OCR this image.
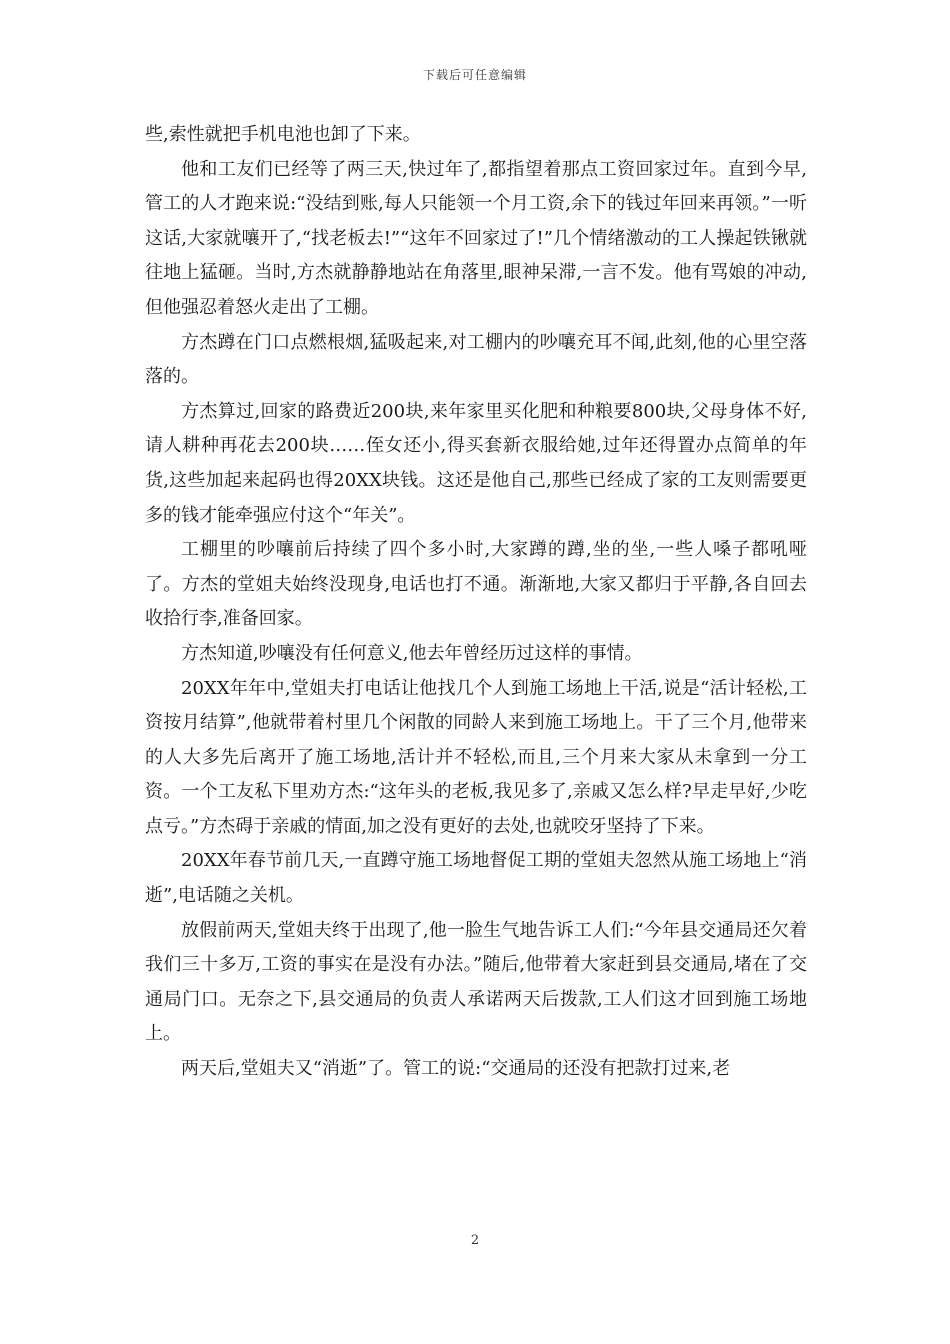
下载后可任意编辑

些,索性就把手机电池也卸了下来。

他和工友们已经等了两三天,快过年了,都指望着那点工资回家过年。直到今早,管工的人才跑来说:“没结到账,每人只能领一个月工资,余下的钱过年回来再领。”一听这话,大家就嚷开了,“找老板去!”“这年不回家过了!”几个情绪激动的工人操起铁锹就往地上猛砸。当时,方杰就静静地站在角落里,眼神呆滞,一言不发。他有骂娘的冲动,但他强忍着怒火走出了工棚。

方杰蹲在门口点燃根烟,猛吸起来,对工棚内的吵嚷充耳不闻,此刻,他的心里空落落的。

方杰算过,回家的路费近200块,来年家里买化肥和种粮要800块,父母身体不好,请人耕种再花去200块……侄女还小,得买套新衣服给她,过年还得置办点简单的年货,这些加起来起码也得20XX块钱。这还是他自己,那些已经成了家的工友则需要更多的钱才能牵强应付这个“年关”。

工棚里的吵嚷前后持续了四个多小时,大家蹲的蹲,坐的坐,一些人嗓子都吼哑了。方杰的堂姐夫始终没现身,电话也打不通。渐渐地,大家又都归于平静,各自回去收拾行李,准备回家。

方杰知道,吵嚷没有任何意义,他去年曾经历过这样的事情。

20XX年年中,堂姐夫打电话让他找几个人到施工场地上干活,说是“活计轻松,工资按月结算”,他就带着村里几个闲散的同龄人来到施工场地上。干了三个月,他带来的人大多先后离开了施工场地,活计并不轻松,而且,三个月来大家从未拿到一分工资。一个工友私下里劝方杰:“这年头的老板,我见多了,亲戚又怎么样?早走早好,少吃点亏。”方杰碍于亲戚的情面,加之没有更好的去处,也就咬牙坚持了下来。

20XX年春节前几天,一直蹲守施工场地督促工期的堂姐夫忽然从施工场地上“消逝”,电话随之关机。

放假前两天,堂姐夫终于出现了,他一脸生气地告诉工人们:“今年县交通局还欠着我们三十多万,工资的事实在是没有办法。”随后,他带着大家赶到县交通局,堵在了交通局门口。无奈之下,县交通局的负责人承诺两天后拨款,工人们这才回到施工场地上。

两天后,堂姐夫又“消逝”了。管工的说:“交通局的还没有把款打过来,老

2
